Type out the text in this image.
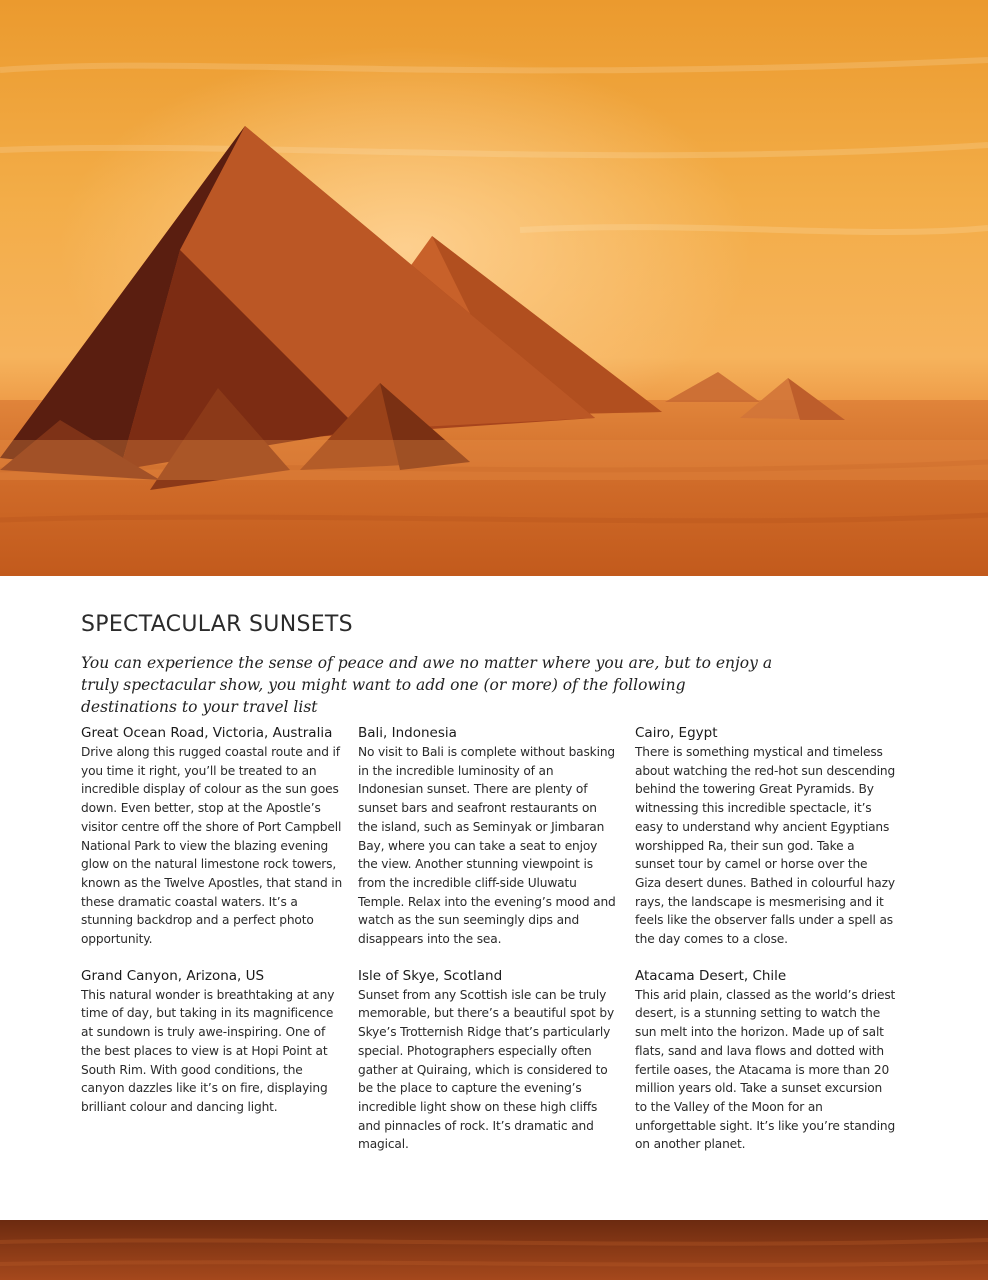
SPECTACULAR SUNSETS

You can experience the sense of peace and awe no matter where you are, but to enjoy a truly spectacular show, you might want to add one (or more) of the following destinations to your travel list

Great Ocean Road, Victoria, Australia

Drive along this rugged coastal route and if you time it right, you’ll be treated to an incredible display of colour as the sun goes down. Even better, stop at the Apostle’s visitor centre off the shore of Port Campbell National Park to view the blazing evening glow on the natural limestone rock towers, known as the Twelve Apostles, that stand in these dramatic coastal waters. It’s a stunning backdrop and a perfect photo opportunity.

Grand Canyon, Arizona, US

This natural wonder is breathtaking at any time of day, but taking in its magnificence at sundown is truly awe-inspiring. One of the best places to view is at Hopi Point at South Rim. With good conditions, the canyon dazzles like it’s on fire, displaying brilliant colour and dancing light.

Bali, Indonesia

No visit to Bali is complete without basking in the incredible luminosity of an Indonesian sunset. There are plenty of sunset bars and seafront restaurants on the island, such as Seminyak or Jimbaran Bay, where you can take a seat to enjoy the view. Another stunning viewpoint is from the incredible cliff-side Uluwatu Temple. Relax into the evening’s mood and watch as the sun seemingly dips and disappears into the sea.

Isle of Skye, Scotland

Sunset from any Scottish isle can be truly memorable, but there’s a beautiful spot by Skye’s Trotternish Ridge that’s particularly special. Photographers especially often gather at Quiraing, which is considered to be the place to capture the evening’s incredible light show on these high cliffs and pinnacles of rock. It’s dramatic and magical.

Cairo, Egypt

There is something mystical and timeless about watching the red-hot sun descending behind the towering Great Pyramids. By witnessing this incredible spectacle, it’s easy to understand why ancient Egyptians worshipped Ra, their sun god. Take a sunset tour by camel or horse over the Giza desert dunes. Bathed in colourful hazy rays, the landscape is mesmerising and it feels like the observer falls under a spell as the day comes to a close.

Atacama Desert, Chile

This arid plain, classed as the world’s driest desert, is a stunning setting to watch the sun melt into the horizon. Made up of salt flats, sand and lava flows and dotted with fertile oases, the Atacama is more than 20 million years old. Take a sunset excursion to the Valley of the Moon for an unforgettable sight. It’s like you’re standing on another planet.
